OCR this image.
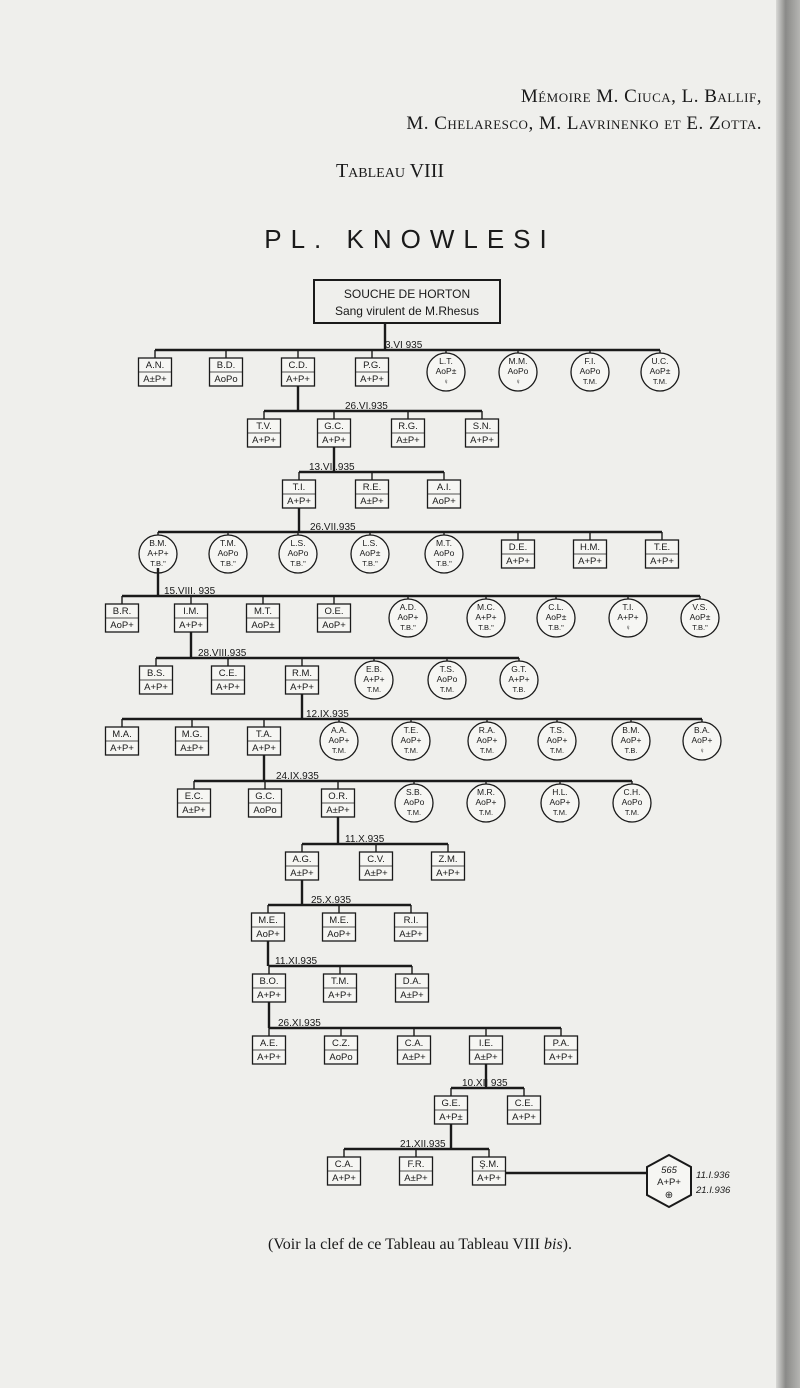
Mémoire M. Ciuca, L. Ballif,
M. Chelaresco, M. Lavrinenko et E. Zotta.
Tableau VIII
PL. KNOWLESI
SOUCHE DE HORTON
Sang virulent de M.Rhesus
3.VI 935
A.N.
A±P+
B.D.
AoPo
C.D.
A+P+
P.G.
A+P+
L.T.
AoP±
♀
M.M.
AoPo
♀
F.I.
AoPo
T.M.
U.C.
AoP±
T.M.
26.VI.935
T.V.
A+P+
G.C.
A+P+
R.G.
A±P+
S.N.
A+P+
13.VII.935
T.I.
A+P+
R.E.
A±P+
A.I.
AoP+
26.VII.935
B.M.
A+P+
T.B."
T.M.
AoPo
T.B."
L.S.
AoPo
T.B."
L.S.
AoP±
T.B."
M.T.
AoPo
T.B."
D.E.
A+P+
H.M.
A+P+
T.E.
A+P+
15.VIII. 935
B.R.
AoP+
I.M.
A+P+
M.T.
AoP±
O.E.
AoP+
A.D.
AoP+
T.B."
M.C.
A+P+
T.B."
C.L.
AoP±
T.B."
T.I.
A+P+
♀
V.S.
AoP±
T.B."
28.VIII.935
B.S.
A+P+
C.E.
A+P+
R.M.
A+P+
E.B.
A+P+
T.M.
T.S.
AoPo
T.M.
G.T.
A+P+
T.B.
12.IX.935
M.A.
A+P+
M.G.
A±P+
T.A.
A+P+
A.A.
AoP+
T.M.
T.E.
AoP+
T.M.
R.A.
AoP+
T.M.
T.S.
AoP+
T.M.
B.M.
AoP+
T.B.
B.A.
AoP+
♀
24.IX.935
E.C.
A±P+
G.C.
AoPo
O.R.
A±P+
S.B.
AoPo
T.M.
M.R.
AoP+
T.M.
H.L.
AoP+
T.M.
C.H.
AoPo
T.M.
11.X.935
A.G.
A±P+
C.V.
A±P+
Z.M.
A+P+
25.X.935
M.E.
AoP+
M.E.
AoP+
R.I.
A±P+
11.XI.935
B.O.
A+P+
T.M.
A+P+
D.A.
A±P+
26.XI.935
A.E.
A+P+
C.Z.
AoPo
C.A.
A±P+
I.E.
A±P+
P.A.
A+P+
10.XII 935
G.E.
A+P±
C.E.
A+P+
21.XII.935
C.A.
A+P+
F.R.
A±P+
Ş.M.
A+P+
565
A+P+
⊕
11.I.936
21.I.936
(Voir la clef de ce Tableau au Tableau VIII bis).
